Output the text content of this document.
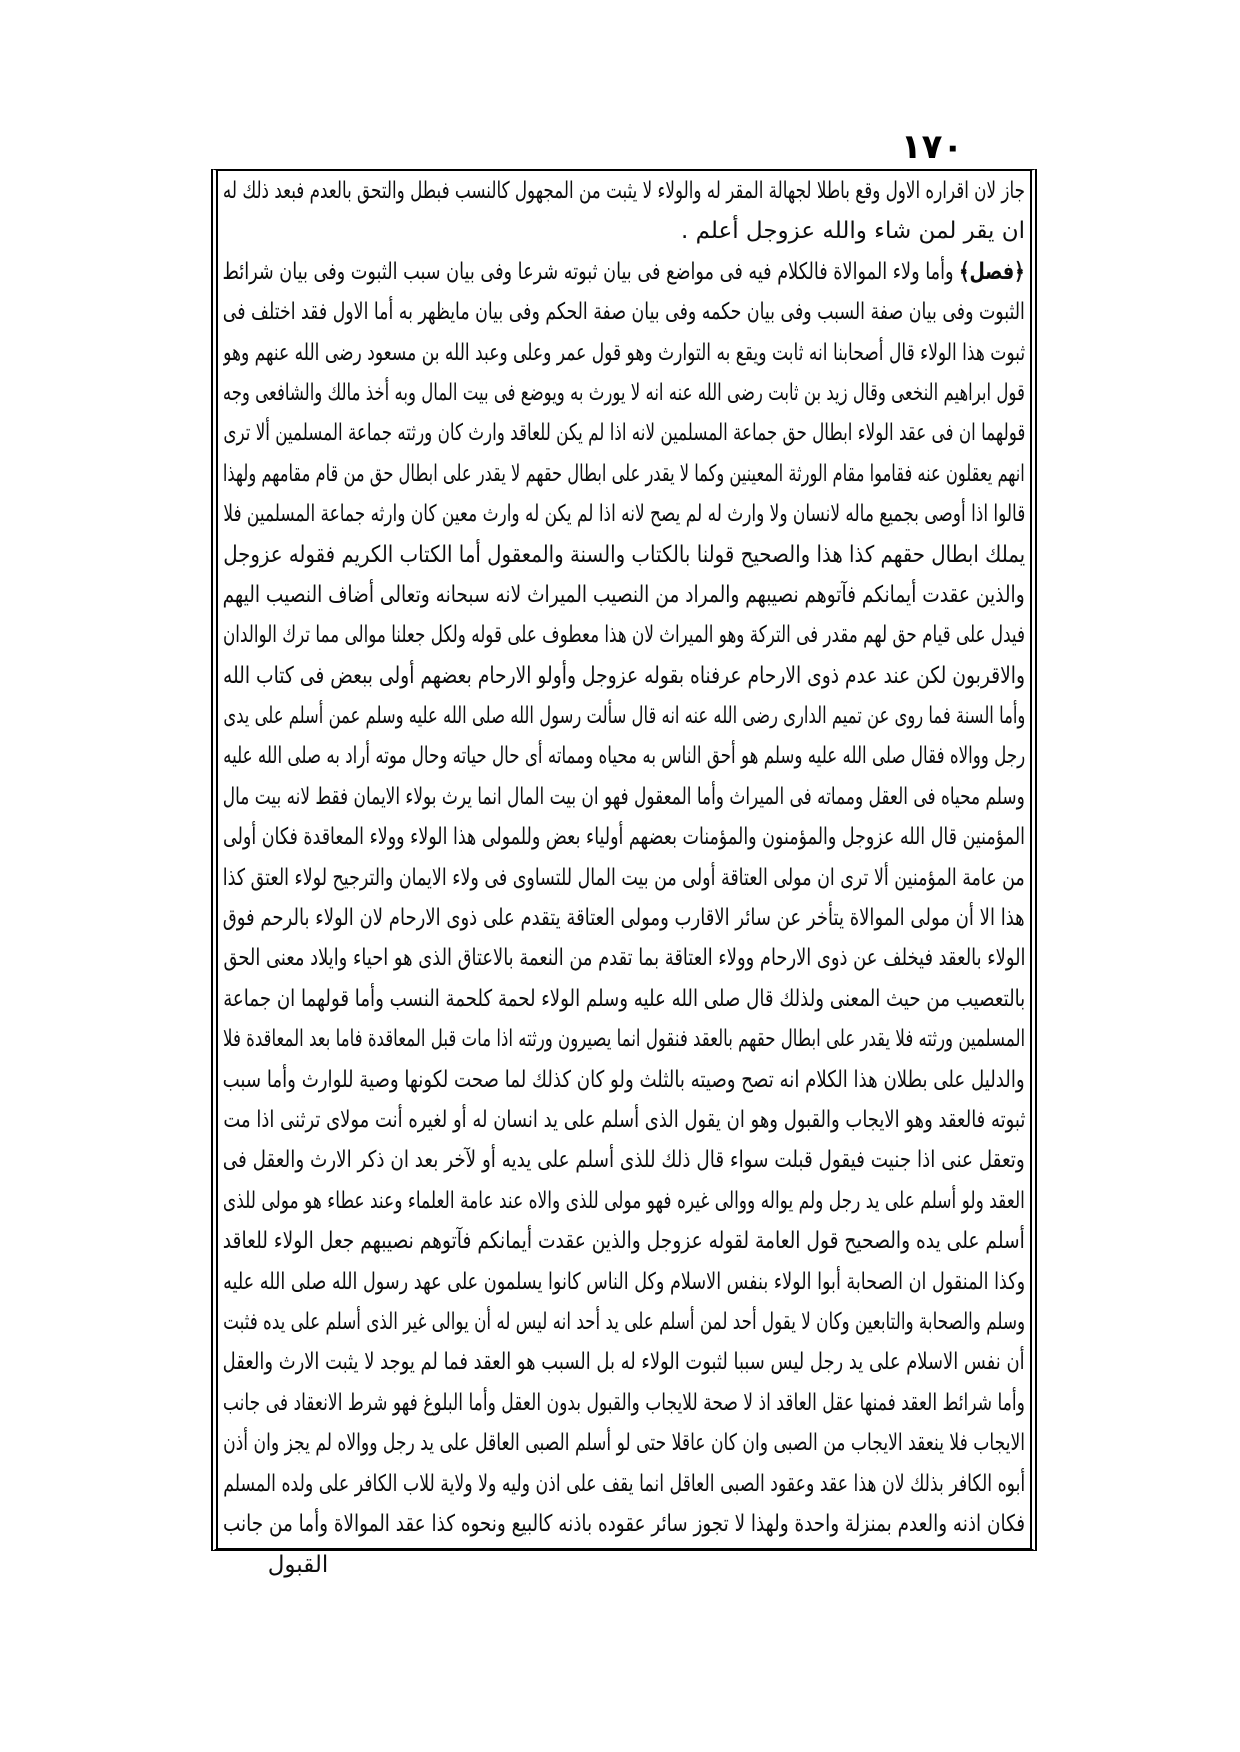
١٧٠
جاز لان اقراره الاول وقع باطلا لجهالة المقر له والولاء لا يثبت من المجهول كالنسب فبطل والتحق بالعدم فبعد ذلك له
ان يقر لمن شاء والله عزوجل أعلم .
﴿فصل﴾ وأما ولاء الموالاة فالكلام فيه فى مواضع فى بيان ثبوته شرعا وفى بيان سبب الثبوت وفى بيان شرائط
الثبوت وفى بيان صفة السبب وفى بيان حكمه وفى بيان صفة الحكم وفى بيان مايظهر به أما الاول فقد اختلف فى
ثبوت هذا الولاء قال أصحابنا انه ثابت ويقع به التوارث وهو قول عمر وعلى وعبد الله بن مسعود رضى الله عنهم وهو
قول ابراهيم النخعى وقال زيد بن ثابت رضى الله عنه انه لا يورث به ويوضع فى بيت المال وبه أخذ مالك والشافعى وجه
قولهما ان فى عقد الولاء ابطال حق جماعة المسلمين لانه اذا لم يكن للعاقد وارث كان ورثته جماعة المسلمين ألا ترى
انهم يعقلون عنه فقاموا مقام الورثة المعينين وكما لا يقدر على ابطال حقهم لا يقدر على ابطال حق من قام مقامهم ولهذا
قالوا اذا أوصى بجميع ماله لانسان ولا وارث له لم يصح لانه اذا لم يكن له وارث معين كان وارثه جماعة المسلمين فلا
يملك ابطال حقهم كذا هذا والصحيح قولنا بالكتاب والسنة والمعقول أما الكتاب الكريم فقوله عزوجل
والذين عقدت أيمانكم فآتوهم نصيبهم والمراد من النصيب الميراث لانه سبحانه وتعالى أضاف النصيب اليهم
فيدل على قيام حق لهم مقدر فى التركة وهو الميراث لان هذا معطوف على قوله ولكل جعلنا موالى مما ترك الوالدان
والاقربون لكن عند عدم ذوى الارحام عرفناه بقوله عزوجل وأولو الارحام بعضهم أولى ببعض فى كتاب الله
وأما السنة فما روى عن تميم الدارى رضى الله عنه انه قال سألت رسول الله صلى الله عليه وسلم عمن أسلم على يدى
رجل ووالاه فقال صلى الله عليه وسلم هو أحق الناس به محياه ومماته أى حال حياته وحال موته أراد به صلى الله عليه
وسلم محياه فى العقل ومماته فى الميراث وأما المعقول فهو ان بيت المال انما يرث بولاء الايمان فقط لانه بيت مال
المؤمنين قال الله عزوجل والمؤمنون والمؤمنات بعضهم أولياء بعض وللمولى هذا الولاء وولاء المعاقدة فكان أولى
من عامة المؤمنين ألا ترى ان مولى العتاقة أولى من بيت المال للتساوى فى ولاء الايمان والترجيح لولاء العتق كذا
هذا الا أن مولى الموالاة يتأخر عن سائر الاقارب ومولى العتاقة يتقدم على ذوى الارحام لان الولاء بالرحم فوق
الولاء بالعقد فيخلف عن ذوى الارحام وولاء العتاقة بما تقدم من النعمة بالاعتاق الذى هو احياء وايلاد معنى الحق
بالتعصيب من حيث المعنى ولذلك قال صلى الله عليه وسلم الولاء لحمة كلحمة النسب وأما قولهما ان جماعة
المسلمين ورثته فلا يقدر على ابطال حقهم بالعقد فنقول انما يصيرون ورثته اذا مات قبل المعاقدة فاما بعد المعاقدة فلا
والدليل على بطلان هذا الكلام انه تصح وصيته بالثلث ولو كان كذلك لما صحت لكونها وصية للوارث وأما سبب
ثبوته فالعقد وهو الايجاب والقبول وهو ان يقول الذى أسلم على يد انسان له أو لغيره أنت مولاى ترثنى اذا مت
وتعقل عنى اذا جنيت فيقول قبلت سواء قال ذلك للذى أسلم على يديه أو لآخر بعد ان ذكر الارث والعقل فى
العقد ولو أسلم على يد رجل ولم يواله ووالى غيره فهو مولى للذى والاه عند عامة العلماء وعند عطاء هو مولى للذى
أسلم على يده والصحيح قول العامة لقوله عزوجل والذين عقدت أيمانكم فآتوهم نصيبهم جعل الولاء للعاقد
وكذا المنقول ان الصحابة أبوا الولاء بنفس الاسلام وكل الناس كانوا يسلمون على عهد رسول الله صلى الله عليه
وسلم والصحابة والتابعين وكان لا يقول أحد لمن أسلم على يد أحد انه ليس له أن يوالى غير الذى أسلم على يده فثبت
أن نفس الاسلام على يد رجل ليس سببا لثبوت الولاء له بل السبب هو العقد فما لم يوجد لا يثبت الارث والعقل
وأما شرائط العقد فمنها عقل العاقد اذ لا صحة للايجاب والقبول بدون العقل وأما البلوغ فهو شرط الانعقاد فى جانب
الايجاب فلا ينعقد الايجاب من الصبى وان كان عاقلا حتى لو أسلم الصبى العاقل على يد رجل ووالاه لم يجز وان أذن
أبوه الكافر بذلك لان هذا عقد وعقود الصبى العاقل انما يقف على اذن وليه ولا ولاية للاب الكافر على ولده المسلم
فكان اذنه والعدم بمنزلة واحدة ولهذا لا تجوز سائر عقوده باذنه كالبيع ونحوه كذا عقد الموالاة وأما من جانب
القبول
